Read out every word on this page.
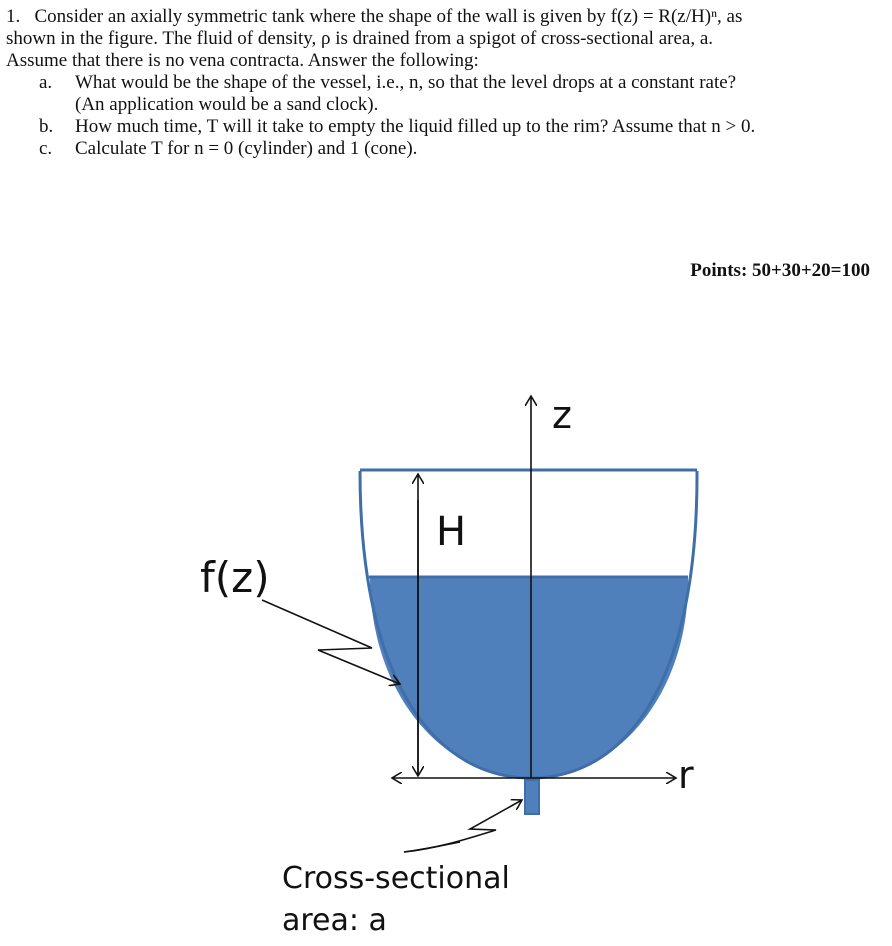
1. Consider an axially symmetric tank where the shape of the wall is given by f(z) = R(z/H)ⁿ, as
shown in the figure. The fluid of density, ρ is drained from a spigot of cross-sectional area, a.
Assume that there is no vena contracta. Answer the following:
a.	What would be the shape of the vessel, i.e., n, so that the level drops at a constant rate?
(An application would be a sand clock).
b.	How much time, T will it take to empty the liquid filled up to the rim? Assume that n > 0.
c.	Calculate T for n = 0 (cylinder) and 1 (cone).
Points: 50+30+20=100
z
r
H
f(z)
Cross-sectional
area: a
